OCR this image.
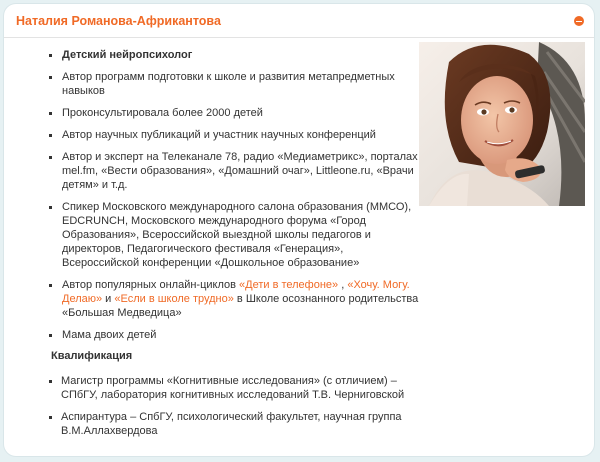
Наталия Романова-Африкантова
▪ Детский нейропсихолог
▪ Автор программ подготовки к школе и развития метапредметных навыков
▪ Проконсультировала более 2000 детей
▪ Автор научных публикаций и участник научных конференций
▪ Автор и эксперт на Телеканале 78, радио «Медиаметрикс», порталах mel.fm, «Вести образования», «Домашний очаг», Littleone.ru, «Врачи детям» и т.д.
▪ Спикер Московского международного салона образования (ММСО), EDCRUNCH, Московского международного форума «Город Образования», Всероссийской выездной школы педагогов и директоров, Педагогического фестиваля «Генерация», Всероссийской конференции «Дошкольное образование»
▪ Автор популярных онлайн-циклов «Дети в телефоне» , «Хочу. Могу. Делаю» и «Если в школе трудно» в Школе осознанного родительства «Большая Медведица»
▪ Мама двоих детей
Квалификация
▪ Магистр программы «Когнитивные исследования» (с отличием) – СПбГУ, лаборатория когнитивных исследований Т.В. Черниговской
▪ Аспирантура – СпбГУ, психологический факультет, научная группа В.М.Аллахвердова
